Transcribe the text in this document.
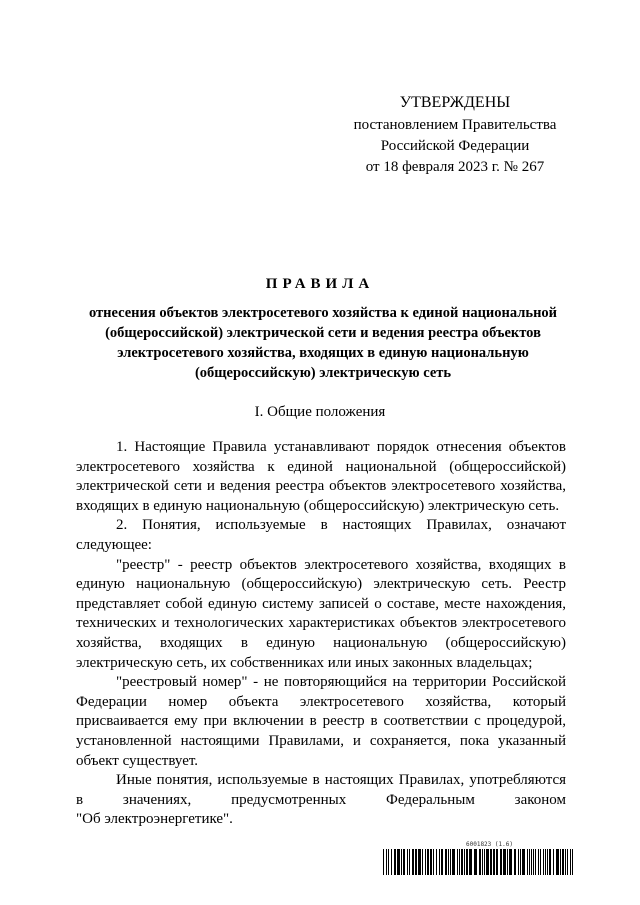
УТВЕРЖДЕНЫ
постановлением Правительства
Российской Федерации
от 18 февраля 2023 г. № 267
ПРАВИЛА
отнесения объектов электросетевого хозяйства к единой национальной (общероссийской) электрической сети и ведения реестра объектов электросетевого хозяйства, входящих в единую национальную (общероссийскую) электрическую сеть
I. Общие положения

1. Настоящие Правила устанавливают порядок отнесения объектов электросетевого хозяйства к единой национальной (общероссийской) электрической сети и ведения реестра объектов электросетевого хозяйства, входящих в единую национальную (общероссийскую) электрическую сеть.

2. Понятия, используемые в настоящих Правилах, означают

следующее:

"реестр" - реестр объектов электросетевого хозяйства, входящих в единую национальную (общероссийскую) электрическую сеть. Реестр представляет собой единую систему записей о составе, месте нахождения, технических и технологических характеристиках объектов электросетевого хозяйства, входящих в единую национальную (общероссийскую) электрическую сеть, их собственниках или иных законных владельцах;

"реестровый номер" - не повторяющийся на территории Российской Федерации номер объекта электросетевого хозяйства, который присваивается ему при включении в реестр в соответствии с процедурой, установленной настоящими Правилами, и сохраняется, пока указанный объект существует.

Иные понятия, используемые в настоящих Правилах, употребляются в значениях, предусмотренных Федеральным законом

"Об электроэнергетике".

6001823 (1.6)
